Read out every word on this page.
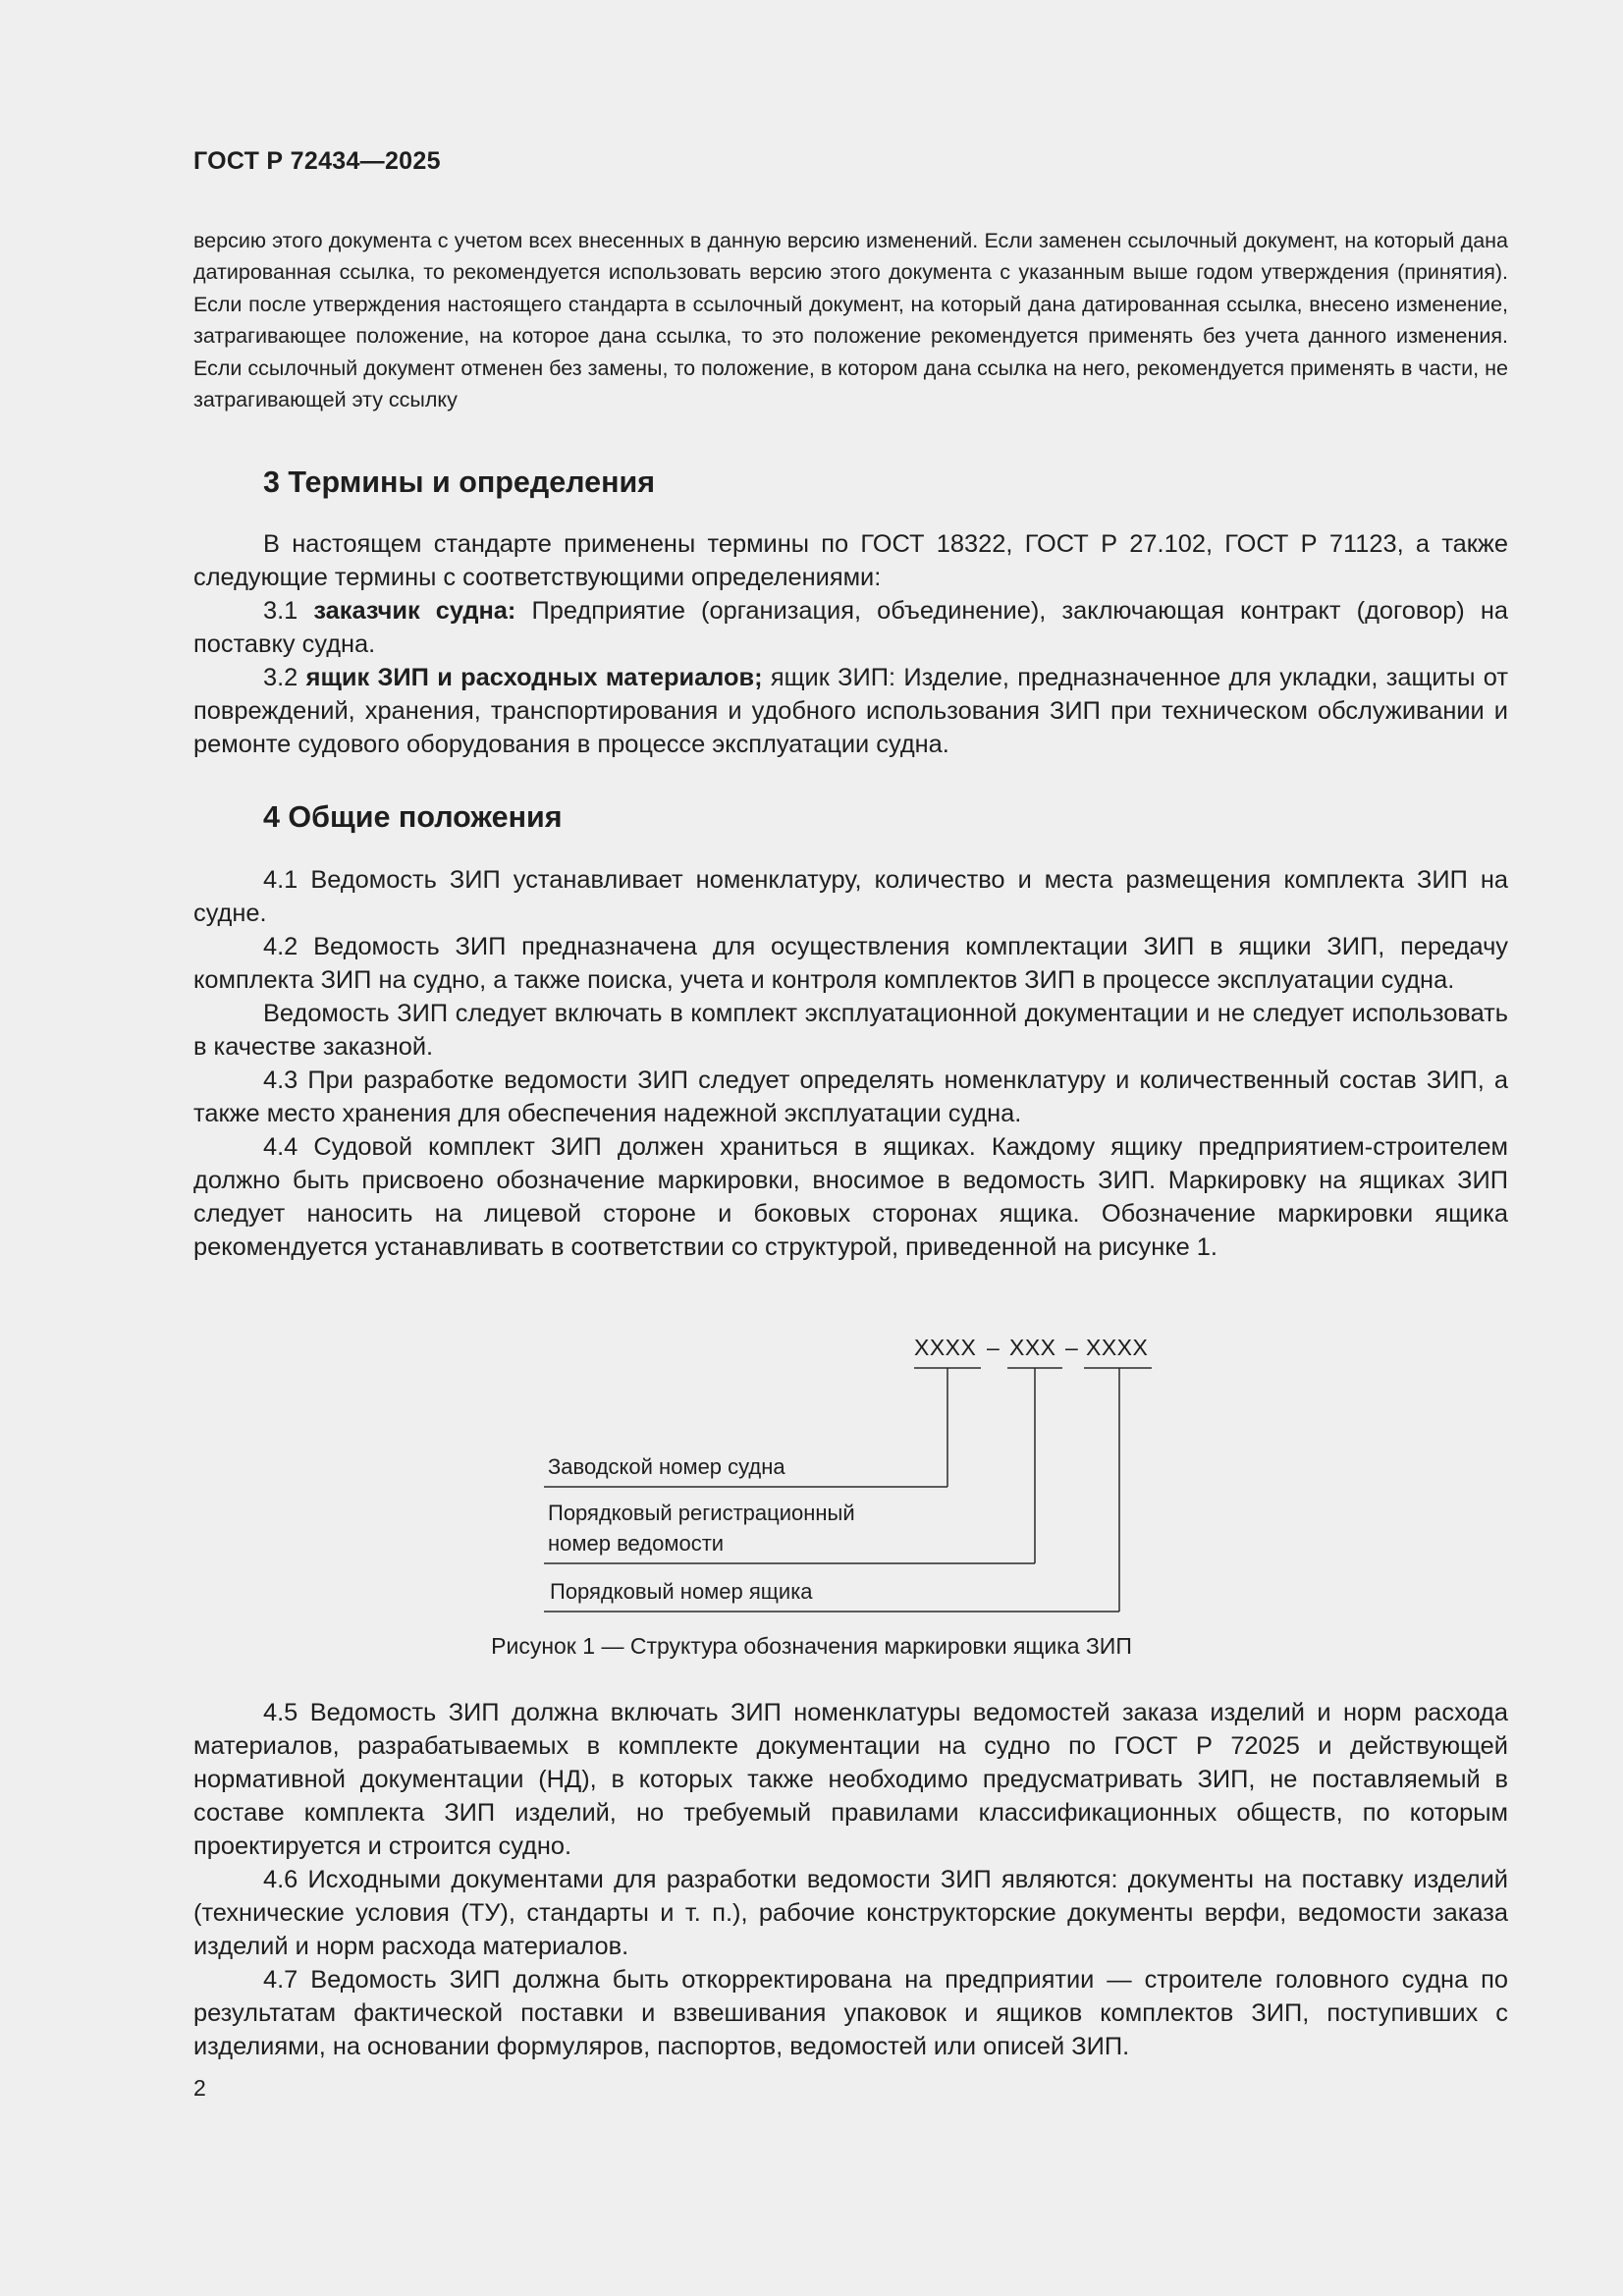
ГОСТ Р 72434—2025

версию этого документа с учетом всех внесенных в данную версию изменений. Если заменен ссылочный документ, на который дана датированная ссылка, то рекомендуется использовать версию этого документа с указанным выше годом утверждения (принятия). Если после утверждения настоящего стандарта в ссылочный документ, на который дана датированная ссылка, внесено изменение, затрагивающее положение, на которое дана ссылка, то это положение рекомендуется применять без учета данного изменения. Если ссылочный документ отменен без замены, то положение, в котором дана ссылка на него, рекомендуется применять в части, не затрагивающей эту ссылку

3 Термины и определения

В настоящем стандарте применены термины по ГОСТ 18322, ГОСТ Р 27.102, ГОСТ Р 71123, а также следующие термины с соответствующими определениями:

3.1 заказчик судна: Предприятие (организация, объединение), заключающая контракт (договор) на поставку судна.

3.2 ящик ЗИП и расходных материалов; ящик ЗИП: Изделие, предназначенное для укладки, защиты от повреждений, хранения, транспортирования и удобного использования ЗИП при техническом обслуживании и ремонте судового оборудования в процессе эксплуатации судна.

4 Общие положения

4.1 Ведомость ЗИП устанавливает номенклатуру, количество и места размещения комплекта ЗИП на судне.

4.2 Ведомость ЗИП предназначена для осуществления комплектации ЗИП в ящики ЗИП, передачу комплекта ЗИП на судно, а также поиска, учета и контроля комплектов ЗИП в процессе эксплуатации судна.

Ведомость ЗИП следует включать в комплект эксплуатационной документации и не следует использовать в качестве заказной.

4.3 При разработке ведомости ЗИП следует определять номенклатуру и количественный состав ЗИП, а также место хранения для обеспечения надежной эксплуатации судна.

4.4 Судовой комплект ЗИП должен храниться в ящиках. Каждому ящику предприятием-строителем должно быть присвоено обозначение маркировки, вносимое в ведомость ЗИП. Маркировку на ящиках ЗИП следует наносить на лицевой стороне и боковых сторонах ящика. Обозначение маркировки ящика рекомендуется устанавливать в соответствии со структурой, приведенной на рисунке 1.

XXXX – XXX – XXXX
Заводской номер судна
Порядковый регистрационный
номер ведомости
Порядковый номер ящика
Рисунок 1 — Структура обозначения маркировки ящика ЗИП

4.5 Ведомость ЗИП должна включать ЗИП номенклатуры ведомостей заказа изделий и норм расхода материалов, разрабатываемых в комплекте документации на судно по ГОСТ Р 72025 и действующей нормативной документации (НД), в которых также необходимо предусматривать ЗИП, не поставляемый в составе комплекта ЗИП изделий, но требуемый правилами классификационных обществ, по которым проектируется и строится судно.

4.6 Исходными документами для разработки ведомости ЗИП являются: документы на поставку изделий (технические условия (ТУ), стандарты и т. п.), рабочие конструкторские документы верфи, ведомости заказа изделий и норм расхода материалов.

4.7 Ведомость ЗИП должна быть откорректирована на предприятии — строителе головного судна по результатам фактической поставки и взвешивания упаковок и ящиков комплектов ЗИП, поступивших с изделиями, на основании формуляров, паспортов, ведомостей или описей ЗИП.

2
